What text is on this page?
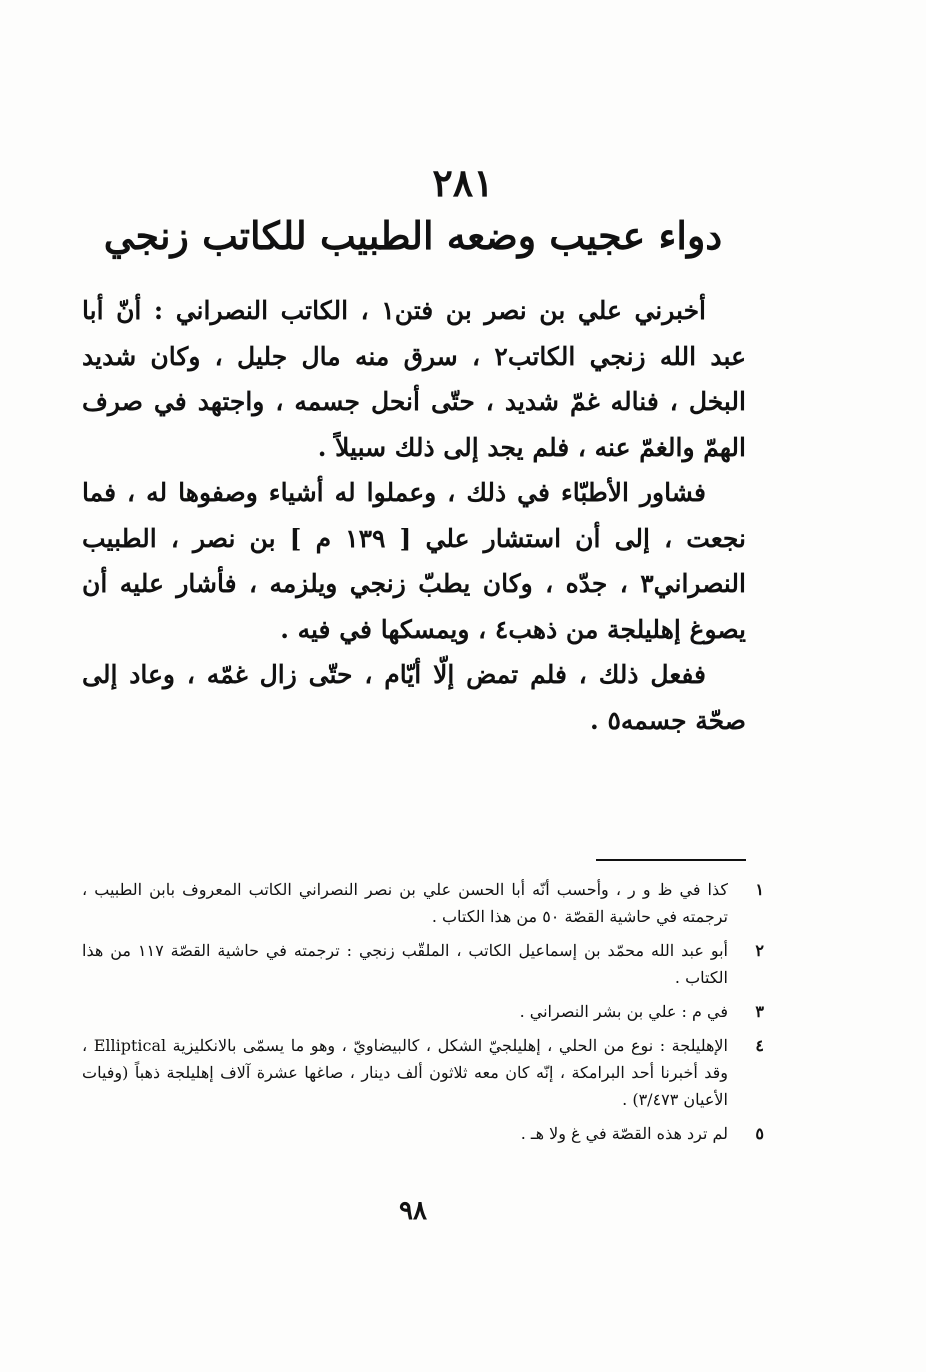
٢٨١
دواء عجيب وضعه الطبيب للكاتب زنجي

أخبرني علي بن نصر بن فتن١ ، الكاتب النصراني : أنّ أبا عبد الله زنجي الكاتب٢ ، سرق منه مال جليل ، وكان شديد البخل ، فناله غمّ شديد ، حتّى أنحل جسمه ، واجتهد في صرف الهمّ والغمّ عنه ، فلم يجد إلى ذلك سبيلاً .

فشاور الأطبّاء في ذلك ، وعملوا له أشياء وصفوها له ، فما نجعت ، إلى أن استشار علي [ ١٣٩ م ] بن نصر ، الطبيب النصراني٣ ، جدّه ، وكان يطبّ زنجي ويلزمه ، فأشار عليه أن يصوغ إهليلجة من ذهب٤ ، ويمسكها في فيه .

ففعل ذلك ، فلم تمض إلّا أيّام ، حتّى زال غمّه ، وعاد إلى صحّة جسمه٥ .

١
كذا في ظ و ر ، وأحسب أنّه أبا الحسن علي بن نصر النصراني الكاتب المعروف بابن الطبيب ، ترجمته في حاشية القصّة ٥٠ من هذا الكتاب .
٢
أبو عبد الله محمّد بن إسماعيل الكاتب ، الملقّب زنجي : ترجمته في حاشية القصّة ١١٧ من هذا الكتاب .
٣
في م : علي بن بشر النصراني .
٤
الإهليلجة : نوع من الحلي ، إهليلجيّ الشكل ، كالبيضاويّ ، وهو ما يسمّى بالانكليزية Elliptical ، وقد أخبرنا أحد البرامكة ، إنّه كان معه ثلاثون ألف دينار ، صاغها عشرة آلاف إهليلجة ذهباً (وفيات الأعيان ٣/٤٧٣) .
٥
لم ترد هذه القصّة في غ ولا هـ .
٩٨
